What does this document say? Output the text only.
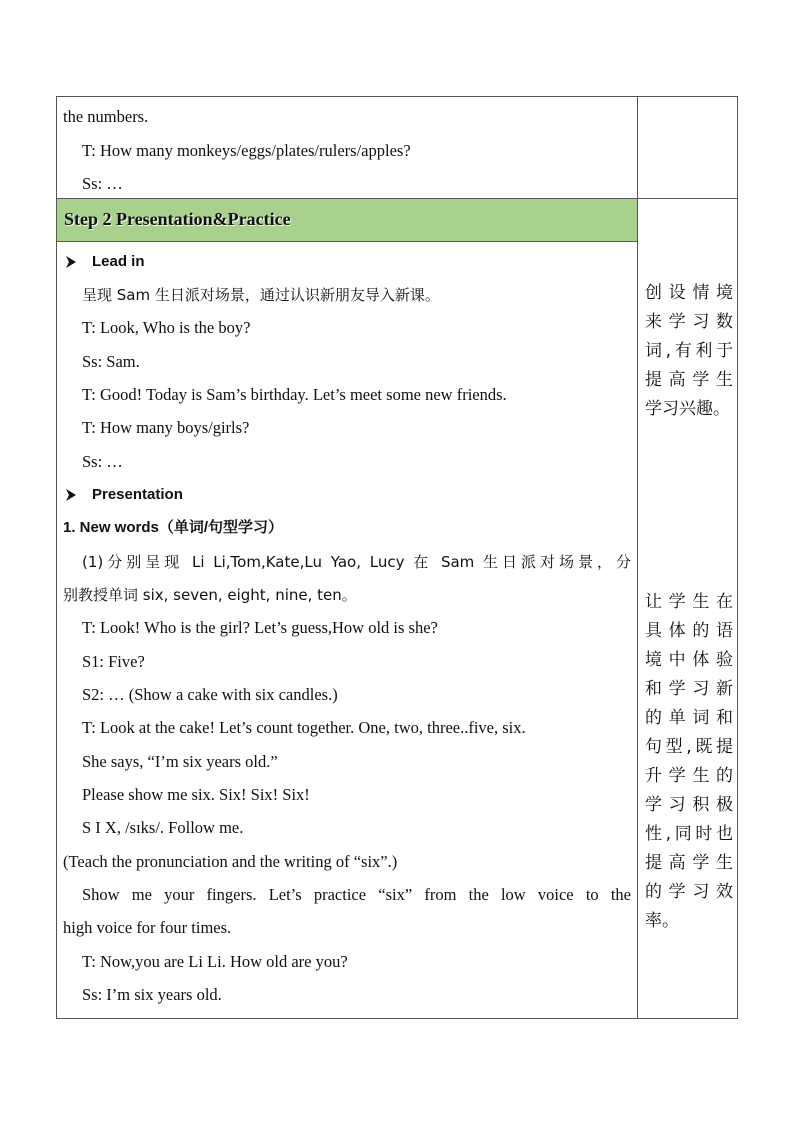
the numbers.
T: How many monkeys/eggs/plates/rulers/apples?
Ss: …
Step 2 Presentation&Practice
Lead in
呈现 Sam 生日派对场景，通过认识新朋友导入新课。
T: Look, Who is the boy?
Ss: Sam.
T: Good! Today is Sam’s birthday. Let’s meet some new friends.
T: How many boys/girls?
Ss: …
Presentation
1. New words（单词/句型学习）
(1)分别呈现 Li Li,Tom,Kate,Lu Yao, Lucy 在 Sam 生日派对场景，分
别教授单词 six, seven, eight, nine, ten。
T: Look! Who is the girl? Let’s guess,How old is she?
S1: Five?
S2: … (Show a cake with six candles.)
T: Look at the cake! Let’s count together. One, two, three..five, six.
She says, “I’m six years old.”
Please show me six. Six! Six! Six!
S I X, /sɪks/. Follow me.
(Teach the pronunciation and the writing of “six”.)
Show me your fingers. Let’s practice “six” from the low voice to the
high voice for four times.
T: Now,you are Li Li. How old are you?
Ss: I’m six years old.
创设情境
来学习数
词,有利于
提高学生
学习兴趣。
让学生在
具体的语
境中体验
和学习新
的单词和
句型,既提
升学生的
学习积极
性,同时也
提高学生
的学习效
率。
